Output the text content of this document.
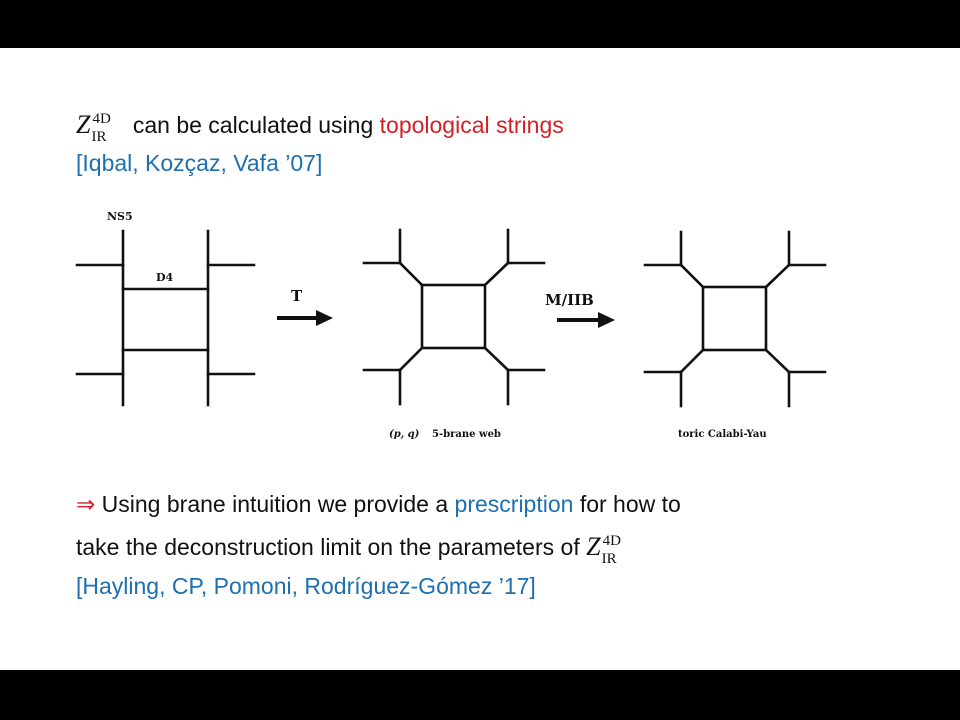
Z 4D
IR can be calculated using topological strings
[Iqbal, Kozçaz, Vafa ’07]
NS5
D4
T	M/IIB
(p, q) 5-brane web	toric Calabi-Yau
⇒ Using brane intuition we provide a prescription for how to
take the deconstruction limit on the parameters of Z 4D
IR
[Hayling, CP, Pomoni, Rodríguez-Gómez ’17]
